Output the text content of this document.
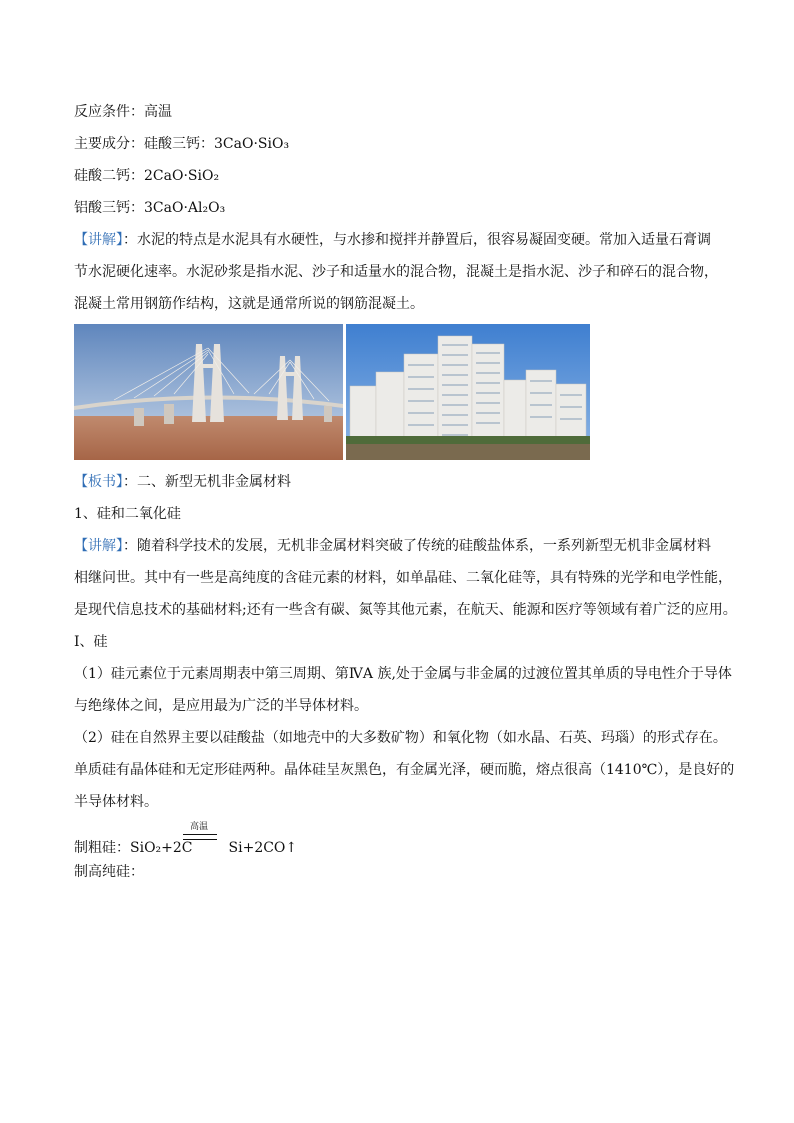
反应条件：高温
主要成分：硅酸三钙：3CaO·SiO₃
硅酸二钙：2CaO·SiO₂
铝酸三钙：3CaO·Al₂O₃
【讲解】：水泥的特点是水泥具有水硬性，与水掺和搅拌并静置后，很容易凝固变硬。常加入适量石膏调
节水泥硬化速率。水泥砂浆是指水泥、沙子和适量水的混合物，混凝土是指水泥、沙子和碎石的混合物，
混凝土常用钢筋作结构，这就是通常所说的钢筋混凝土。
【板书】：二、新型无机非金属材料
1、硅和二氧化硅
【讲解】：随着科学技术的发展，无机非金属材料突破了传统的硅酸盐体系，一系列新型无机非金属材料
相继问世。其中有一些是高纯度的含硅元素的材料，如单晶硅、二氧化硅等，具有特殊的光学和电学性能，
是现代信息技术的基础材料;还有一些含有碳、氮等其他元素，在航天、能源和医疗等领域有着广泛的应用。
I、硅
（1）硅元素位于元素周期表中第三周期、第ⅣA 族,处于金属与非金属的过渡位置其单质的导电性介于导体
与绝缘体之间，是应用最为广泛的半导体材料。
（2）硅在自然界主要以硅酸盐（如地壳中的大多数矿物）和氧化物（如水晶、石英、玛瑙）的形式存在。
单质硅有晶体硅和无定形硅两种。晶体硅呈灰黑色，有金属光泽，硬而脆，熔点很高（1410℃），是良好的
半导体材料。
高温
制粗硅：SiO₂+2C	Si+2CO↑
制高纯硅：
